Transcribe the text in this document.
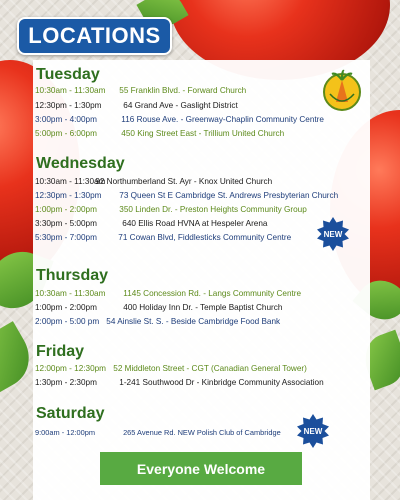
LOCATIONS
Tuesday
10:30am - 11:30am 55 Franklin Blvd. - Forward Church
12:30pm - 1:30pm	64 Grand Ave - Gaslight District
3:00pm - 4:00pm	116 Rouse Ave. - Greenway-Chaplin Community Centre
5:00pm - 6:00pm	450 King Street East - Trillium United Church
Wednesday
10:30am - 11:30am 92 Northumberland St. Ayr - Knox United Church
12:30pm - 1:30pm 73 Queen St E Cambridge St. Andrews Presbyterian Church
1:00pm - 2:00pm	350 Linden Dr. - Preston Heights Community Group
3:30pm - 5:00pm	640 Ellis Road HVNA at Hespeler Arena
5:30pm - 7:00pm	71 Cowan Blvd, Fiddlesticks Community Centre	NEW
Thursday
10:30am - 11:30am 1145 Concession Rd. - Langs Community Centre
1:00pm - 2:00pm	400 Holiday Inn Dr. - Temple Baptist Church
2:00pm - 5:00 pm 54 Ainslie St. S. - Beside Cambridge Food Bank
Friday
12:00pm - 12:30pm 52 Middleton Street - CGT (Canadian General Tower)
1:30pm - 2:30pm	1-241 Southwood Dr - Kinbridge Community Association
Saturday
9:00am - 12:00pm	265 Avenue Rd. NEW Polish Club of Cambridge	NEW
Everyone Welcome
